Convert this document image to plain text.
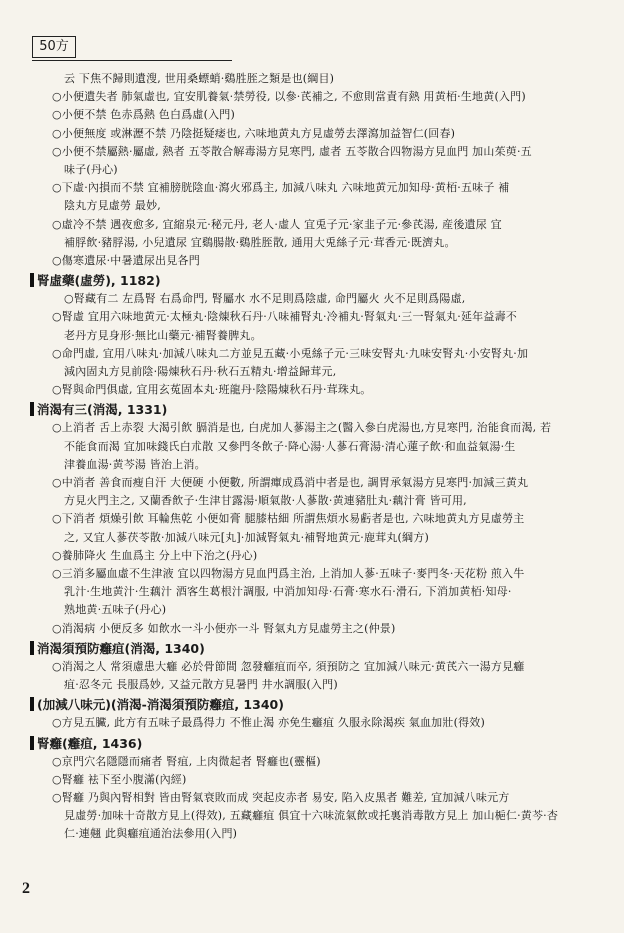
50方
云 下焦不歸則遺溲, 世用桑螵蛸·鷄胜胵之類是也(綱目)
○小便遺失者 肺氣虛也, 宜安肌養氣·禁勞役, 以參·芪補之, 不愈則當責有熱 用黄栢·生地黄(入門)
○小便不禁 色赤爲熱 色白爲虛(入門)
○小便無度 或淋瀝不禁 乃陰挺疑痿也, 六味地黄丸方見虛勞去澤瀉加益智仁(回春)
○小便不禁屬熱·屬虛, 熱者 五苓散合解毒湯方見寒門, 虛者 五苓散合四物湯方見血門 加山茱萸·五
味子(丹心)
○下虛·內損而不禁 宜補膀胱陰血·瀉火邪爲主, 加減八味丸 六味地黄元加知母·黄栢·五味子 補
陰丸方見虛勞 最妙,
○虛冷不禁 遇夜愈多, 宜縮泉元·秘元丹, 老人·虛人 宜兎子元·家韭子元·參芪湯, 産後遺尿 宜
補脬飲·豬脬湯, 小兒遺尿 宜鷄腸散·鷄胜胵散, 通用大兎絲子元·茸香元·既濟丸。
○傷寒遺尿·中暑遺尿出見各門
腎虛藥(虛勞), 1182)
○腎藏有二 左爲腎 右爲命門, 腎屬水 水不足則爲陰虛, 命門屬火 火不足則爲陽虛,
○腎虛 宜用六味地黄元·太極丸·陰煉秋石丹·八味補腎丸·冷補丸·腎氣丸·三一腎氣丸·延年益壽不
老丹方見身形·無比山藥元·補腎養脾丸。
○命門虛, 宜用八味丸·加減八味丸二方並見五藏·小兎絲子元·三味安腎丸·九味安腎丸·小安腎丸·加
減內固丸方見前陰·陽煉秋石丹·秋石五精丸·增益歸茸元,
○腎與命門俱虛, 宜用玄菟固本丸·班龍丹·陰陽煉秋石丹·茸珠丸。
消渴有三(消渴, 1331)
○上消者 舌上赤裂 大渴引飲 膈消是也, 白虎加人蔘湯主之(醫入參白虎湯也,方見寒門, 治能食而渴, 若
不能食而渴 宜加味錢氏白朮散 又參門冬飲子·降心湯·人蔘石膏湯·清心蓮子飲·和血益氣湯·生
津養血湯·黄芩湯 皆治上消。
○中消者 善食而瘦自汗 大便硬 小便數, 所謂癉成爲消中者是也, 調胃承氣湯方見寒門·加減三黄丸
方見火門主之, 又蘭香飲子·生津甘露湯·順氣散·人蔘散·黄連豬肚丸·藕汁膏 皆可用,
○下消者 煩燥引飲 耳輪焦乾 小便如膏 腿膝枯細 所謂焦煩水易虧者是也, 六味地黄丸方見虛勞主
之, 又宜人蔘茯苓散·加減八味元[丸]·加減腎氣丸·補腎地黄元·鹿茸丸(綱方)
○養肺降火 生血爲主 分上中下治之(丹心)
○三消多屬血虛不生津液 宜以四物湯方見血門爲主治, 上消加人蔘·五味子·麥門冬·天花粉 煎入牛
乳汁·生地黄汁·生藕汁 酒客生葛根汁調服, 中消加知母·石膏·寒水石·滑石, 下消加黄栢·知母·
熟地黄·五味子(丹心)
○消渴病 小便反多 如飲水一斗小便亦一斗 腎氣丸方見虛勞主之(仲景)
消渴須預防癰疽(消渴, 1340)
○消渴之人 常須慮患大癰 必於骨節間 忽發癰疽而卒, 須預防之 宜加減八味元·黄芪六一湯方見癰
疽·忍冬元 長服爲妙, 又益元散方見暑門 井水調服(入門)
(加減八味元)(消渴-消渴須預防癰疽, 1340)
○方見五臟, 此方有五味子最爲得力 不惟止渴 亦免生癰疽 久服永除渴疾 氣血加壯(得效)
腎癰(癰疽, 1436)
○京門穴名隱隱而痛者 腎疽, 上肉微起者 腎癰也(靈樞)
○腎癰 袪下至小腹滿(內經)
○腎癰 乃與內腎相對 皆由腎氣衰敗而成 突起皮赤者 易安, 陷入皮黑者 難差, 宜加減八味元方
見虛勞·加味十奇散方見上(得效), 五藏癰疽 俱宜十六味流氣飲或托裏消毒散方見上 加山梔仁·黄芩·杏
仁·連翹 此與癰疽通治法參用(入門)
2
